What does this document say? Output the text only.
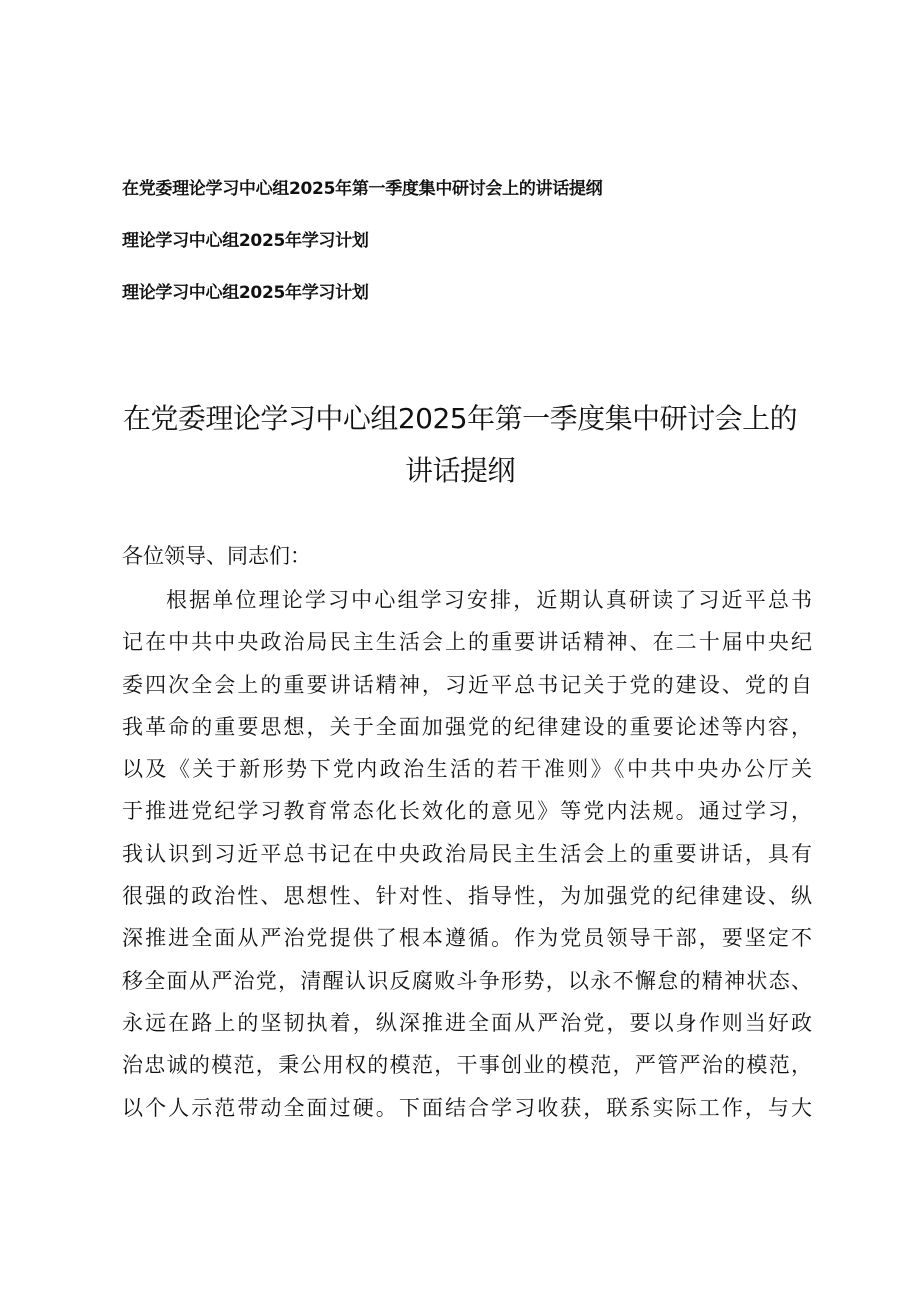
在党委理论学习中心组2025年第一季度集中研讨会上的讲话提纲
理论学习中心组2025年学习计划
理论学习中心组2025年学习计划
在党委理论学习中心组2025年第一季度集中研讨会上的
讲话提纲
各位领导、同志们：
根据单位理论学习中心组学习安排，近期认真研读了习近平总书
记在中共中央政治局民主生活会上的重要讲话精神、在二十届中央纪
委四次全会上的重要讲话精神，习近平总书记关于党的建设、党的自
我革命的重要思想，关于全面加强党的纪律建设的重要论述等内容，
以及《关于新形势下党内政治生活的若干准则》《中共中央办公厅关
于推进党纪学习教育常态化长效化的意见》等党内法规。通过学习，
我认识到习近平总书记在中央政治局民主生活会上的重要讲话，具有
很强的政治性、思想性、针对性、指导性，为加强党的纪律建设、纵
深推进全面从严治党提供了根本遵循。作为党员领导干部，要坚定不
移全面从严治党，清醒认识反腐败斗争形势，以永不懈怠的精神状态、
永远在路上的坚韧执着，纵深推进全面从严治党，要以身作则当好政
治忠诚的模范，秉公用权的模范，干事创业的模范，严管严治的模范，
以个人示范带动全面过硬。下面结合学习收获，联系实际工作，与大
